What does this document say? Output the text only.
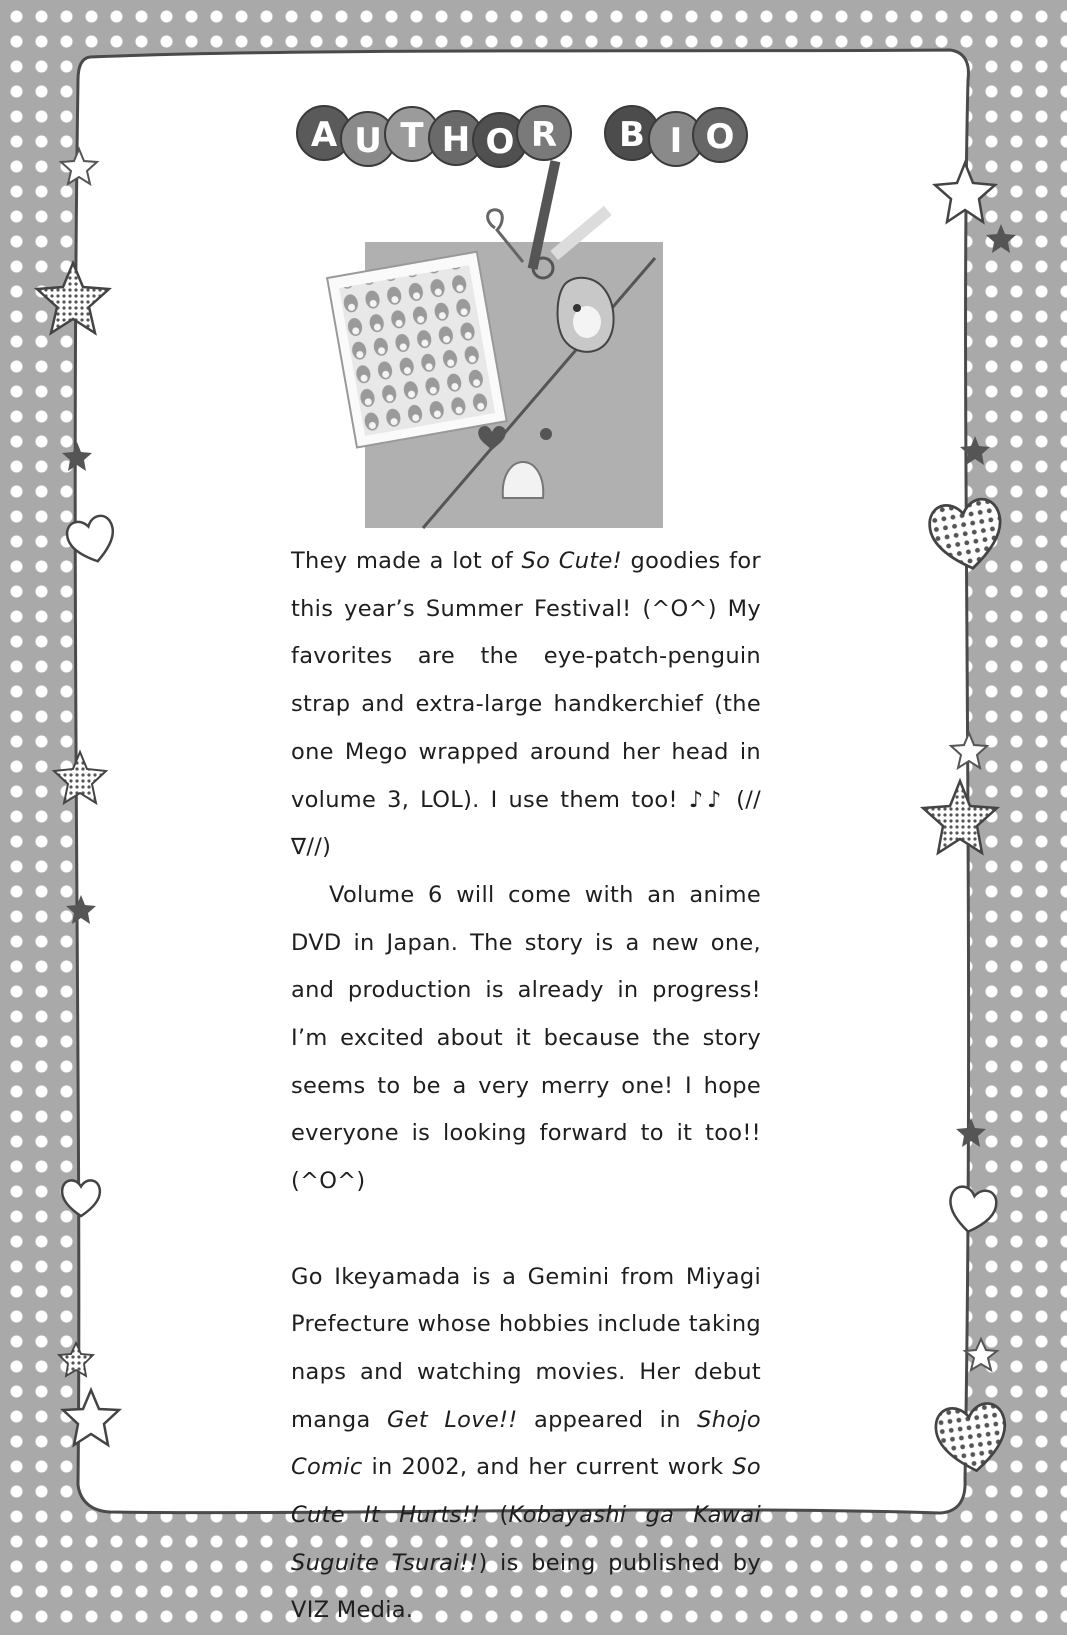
A U T H O R	B I O

They made a lot of So Cute! goodies for this year’s Summer Festival! (^O^) My favorites are the eye-patch-penguin strap and extra-large handkerchief (the one Mego wrapped around her head in volume 3, LOL). I use them too! ♪♪ (//∇//)

Volume 6 will come with an anime DVD in Japan. The story is a new one, and production is already in progress! I’m excited about it because the story seems to be a very merry one! I hope everyone is looking forward to it too!! (^O^)

Go Ikeyamada is a Gemini from Miyagi Prefecture whose hobbies include taking naps and watching movies. Her debut manga Get Love!! appeared in Shojo Comic in 2002, and her current work So Cute It Hurts!! (Kobayashi ga Kawai Suguite Tsurai!!) is being published by VIZ Media.
